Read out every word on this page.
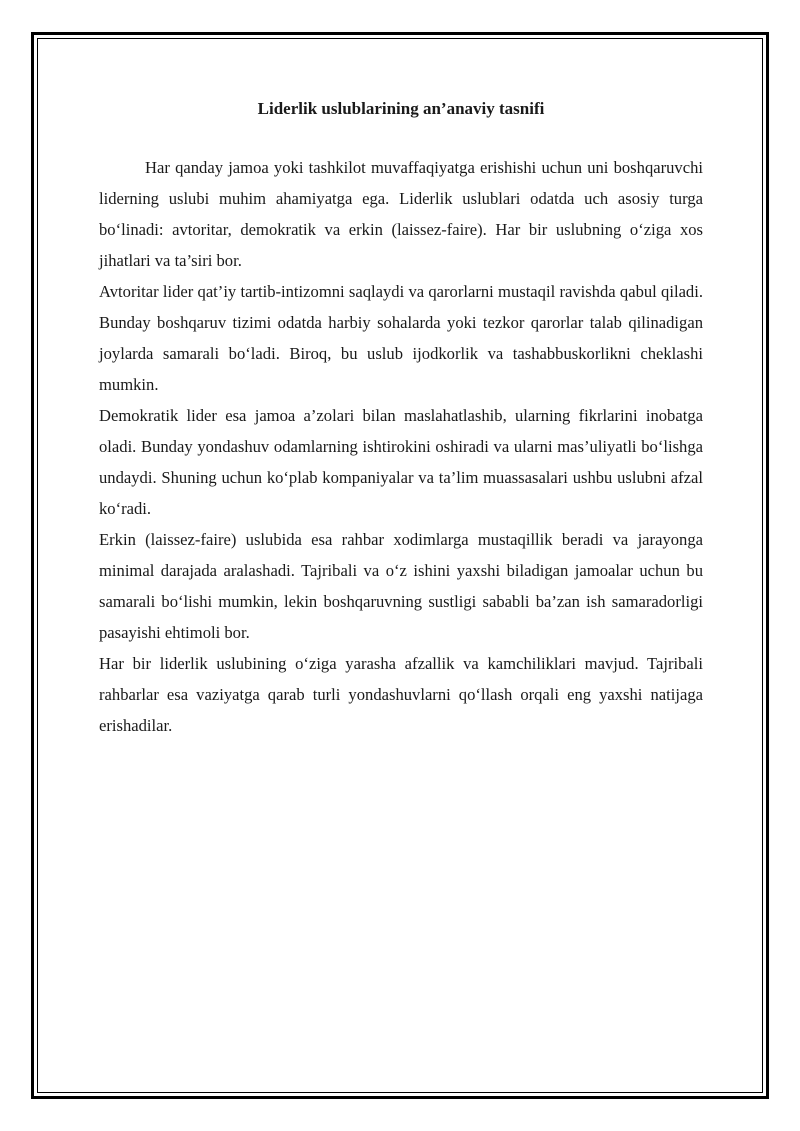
Liderlik uslublarining an’anaviy tasnifi

Har qanday jamoa yoki tashkilot muvaffaqiyatga erishishi uchun uni boshqaruvchi liderning uslubi muhim ahamiyatga ega. Liderlik uslublari odatda uch asosiy turga bo‘linadi: avtoritar, demokratik va erkin (laissez-faire). Har bir uslubning o‘ziga xos jihatlari va ta’siri bor.

Avtoritar lider qat’iy tartib-intizomni saqlaydi va qarorlarni mustaqil ravishda qabul qiladi. Bunday boshqaruv tizimi odatda harbiy sohalarda yoki tezkor qarorlar talab qilinadigan joylarda samarali bo‘ladi. Biroq, bu uslub ijodkorlik va tashabbuskorlikni cheklashi mumkin.

Demokratik lider esa jamoa a’zolari bilan maslahatlashib, ularning fikrlarini inobatga oladi. Bunday yondashuv odamlarning ishtirokini oshiradi va ularni mas’uliyatli bo‘lishga undaydi. Shuning uchun ko‘plab kompaniyalar va ta’lim muassasalari ushbu uslubni afzal ko‘radi.

Erkin (laissez-faire) uslubida esa rahbar xodimlarga mustaqillik beradi va jarayonga minimal darajada aralashadi. Tajribali va o‘z ishini yaxshi biladigan jamoalar uchun bu samarali bo‘lishi mumkin, lekin boshqaruvning sustligi sababli ba’zan ish samaradorligi pasayishi ehtimoli bor.

Har bir liderlik uslubining o‘ziga yarasha afzallik va kamchiliklari mavjud. Tajribali rahbarlar esa vaziyatga qarab turli yondashuvlarni qo‘llash orqali eng yaxshi natijaga erishadilar.
